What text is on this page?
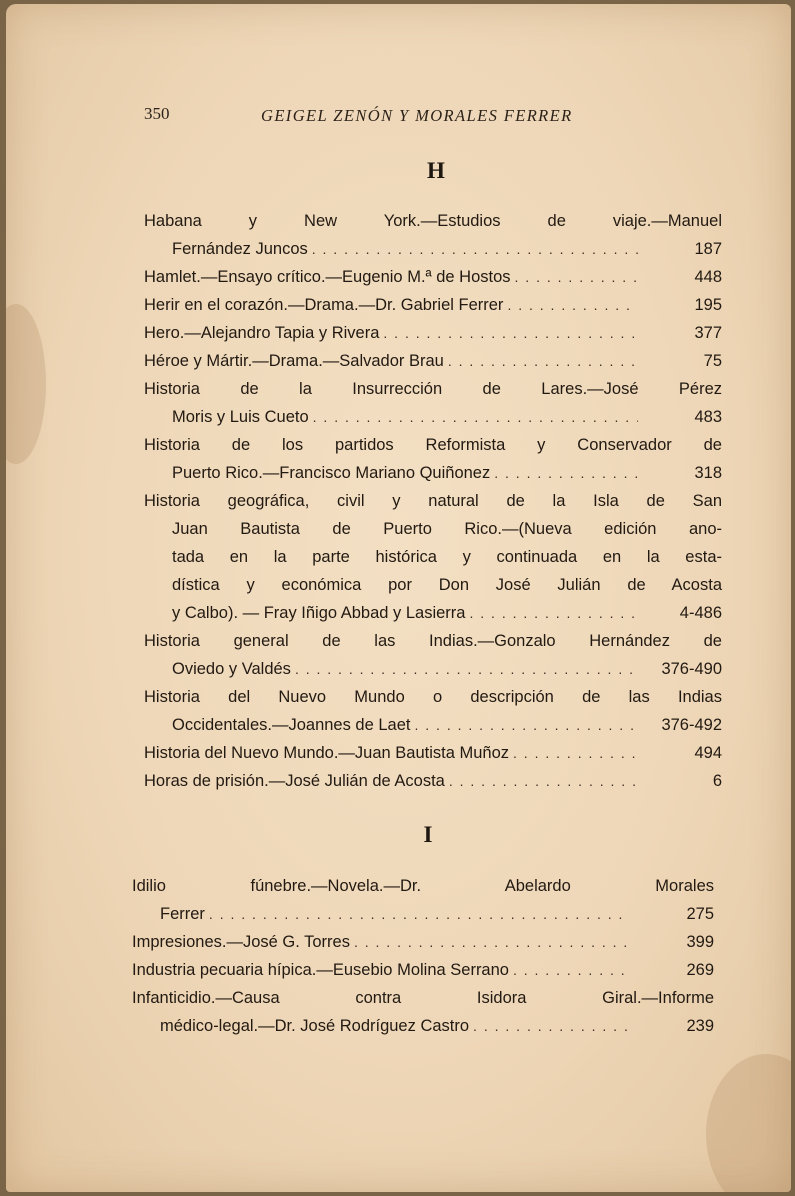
350	GEIGEL ZENÓN Y MORALES FERRER
H
Habana y New York.—Estudios de viaje.—Manuel
Fernández Juncos . . .	187
Hamlet.—Ensayo crítico.—Eugenio M.ª de Hostos . . .	448
Herir en el corazón.—Drama.—Dr. Gabriel Ferrer . . .	195
Hero.—Alejandro Tapia y Rivera . . .	377
Héroe y Mártir.—Drama.—Salvador Brau . . .	75
Historia de la Insurrección de Lares.—José Pérez
Moris y Luis Cueto . . .	483
Historia de los partidos Reformista y Conservador de
Puerto Rico.—Francisco Mariano Quiñonez . . .	318
Historia geográfica, civil y natural de la Isla de San
Juan Bautista de Puerto Rico.—(Nueva edición ano-
tada en la parte histórica y continuada en la esta-
dística y económica por Don José Julián de Acosta
y Calbo). — Fray Iñigo Abbad y Lasierra . . .	4-486
Historia general de las Indias.—Gonzalo Hernández de
Oviedo y Valdés . . .	376-490
Historia del Nuevo Mundo o descripción de las Indias
Occidentales.—Joannes de Laet . . .	376-492
Historia del Nuevo Mundo.—Juan Bautista Muñoz . . .	494
Horas de prisión.—José Julián de Acosta . . .	6
I
Idilio fúnebre.—Novela.—Dr. Abelardo Morales
Ferrer . . .	275
Impresiones.—José G. Torres . . .	399
Industria pecuaria hípica.—Eusebio Molina Serrano . . .	269
Infanticidio.—Causa contra Isidora Giral.—Informe
médico-legal.—Dr. José Rodríguez Castro . . .	239
